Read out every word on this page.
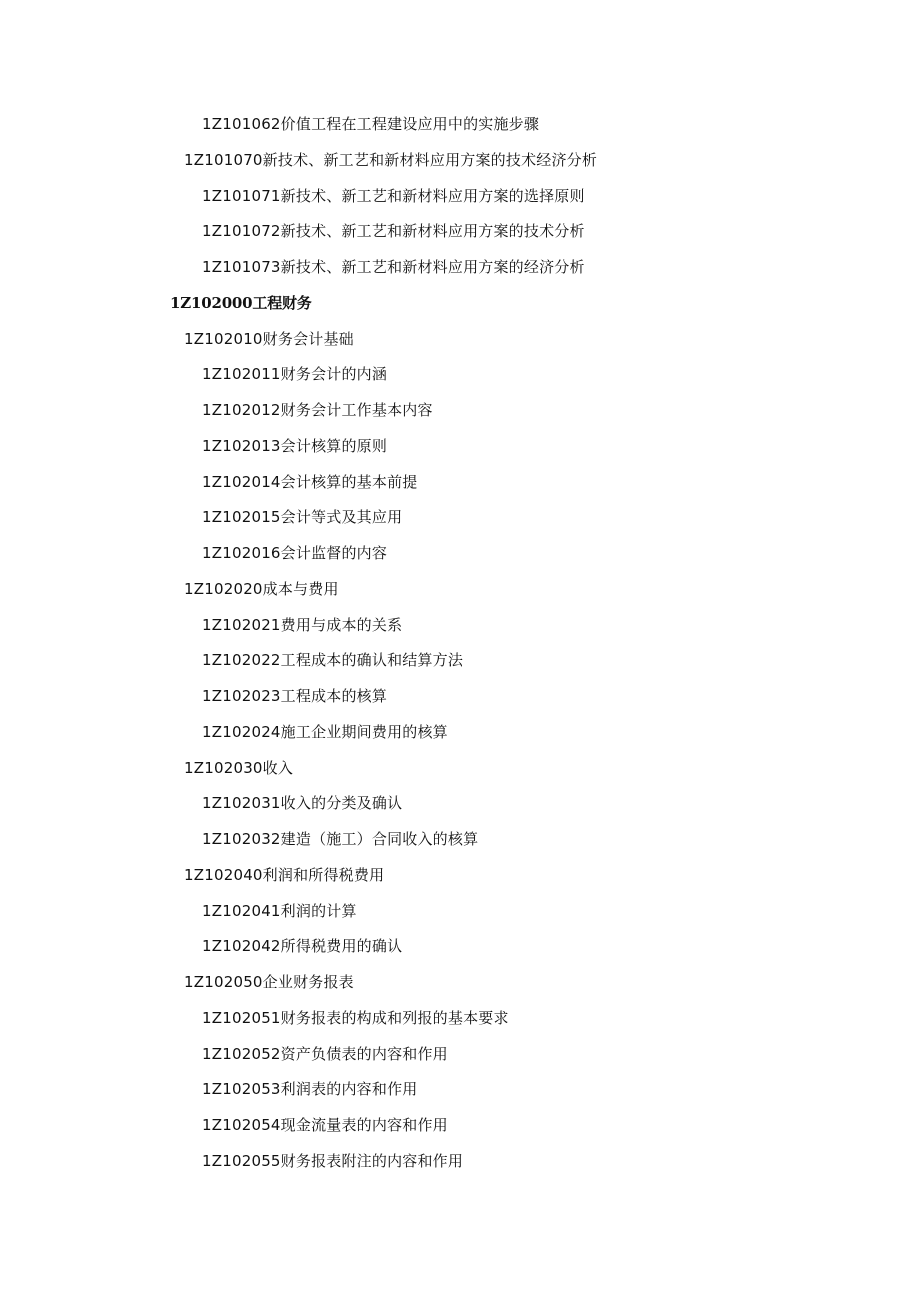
1Z101062价值工程在工程建设应用中的实施步骤
1Z101070新技术、新工艺和新材料应用方案的技术经济分析
1Z101071新技术、新工艺和新材料应用方案的选择原则
1Z101072新技术、新工艺和新材料应用方案的技术分析
1Z101073新技术、新工艺和新材料应用方案的经济分析
1Z102000工程财务
1Z102010财务会计基础
1Z102011财务会计的内涵
1Z102012财务会计工作基本内容
1Z102013会计核算的原则
1Z102014会计核算的基本前提
1Z102015会计等式及其应用
1Z102016会计监督的内容
1Z102020成本与费用
1Z102021费用与成本的关系
1Z102022工程成本的确认和结算方法
1Z102023工程成本的核算
1Z102024施工企业期间费用的核算
1Z102030收入
1Z102031收入的分类及确认
1Z102032建造（施工）合同收入的核算
1Z102040利润和所得税费用
1Z102041利润的计算
1Z102042所得税费用的确认
1Z102050企业财务报表
1Z102051财务报表的构成和列报的基本要求
1Z102052资产负债表的内容和作用
1Z102053利润表的内容和作用
1Z102054现金流量表的内容和作用
1Z102055财务报表附注的内容和作用
